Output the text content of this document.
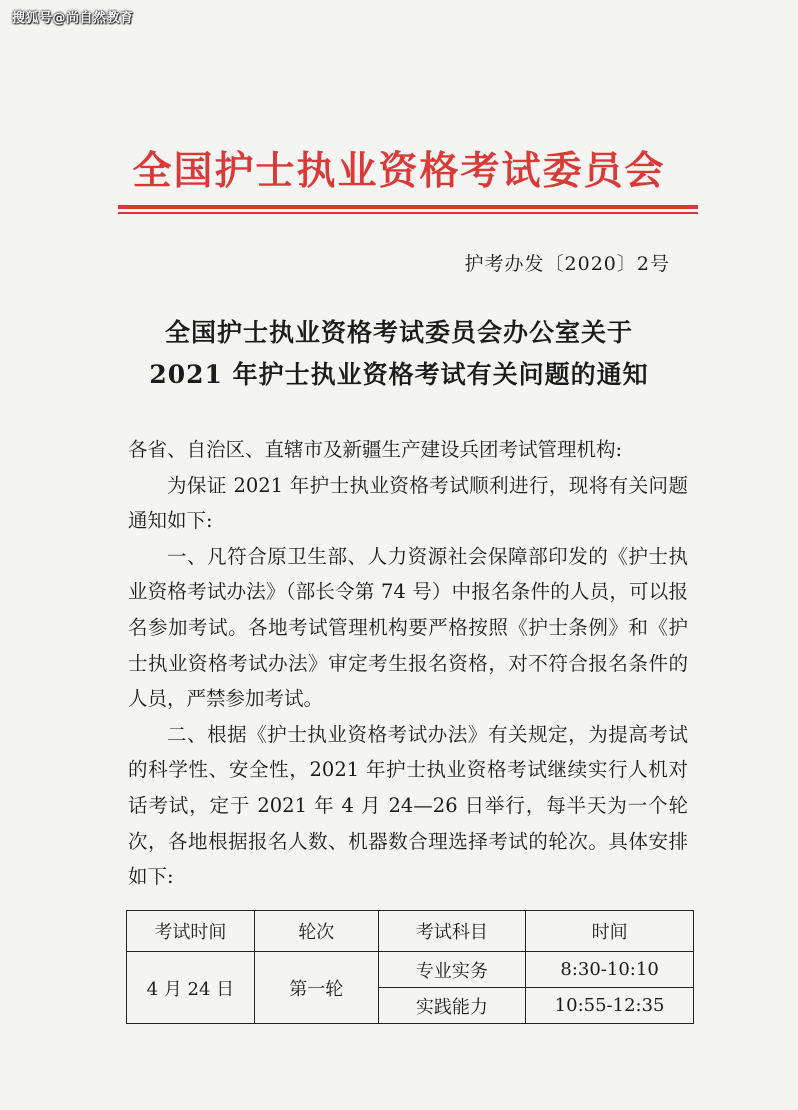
搜狐号@尚自然教育
全国护士执业资格考试委员会
护考办发〔2020〕2号
全国护士执业资格考试委员会办公室关于
2021 年护士执业资格考试有关问题的通知

各省、自治区、直辖市及新疆生产建设兵团考试管理机构:

为保证 2021 年护士执业资格考试顺利进行，现将有关问题通知如下:

一、凡符合原卫生部、人力资源社会保障部印发的《护士执业资格考试办法》（部长令第 74 号）中报名条件的人员，可以报名参加考试。各地考试管理机构要严格按照《护士条例》和《护士执业资格考试办法》审定考生报名资格，对不符合报名条件的人员，严禁参加考试。

二、根据《护士执业资格考试办法》有关规定，为提高考试的科学性、安全性，2021 年护士执业资格考试继续实行人机对话考试，定于 2021 年 4 月 24—26 日举行，每半天为一个轮次，各地根据报名人数、机器数合理选择考试的轮次。具体安排如下:

考试时间	轮次	考试科目	时间
4 月 24 日	第一轮	专业实务	8:30-10:10
		实践能力	10:55-12:35
